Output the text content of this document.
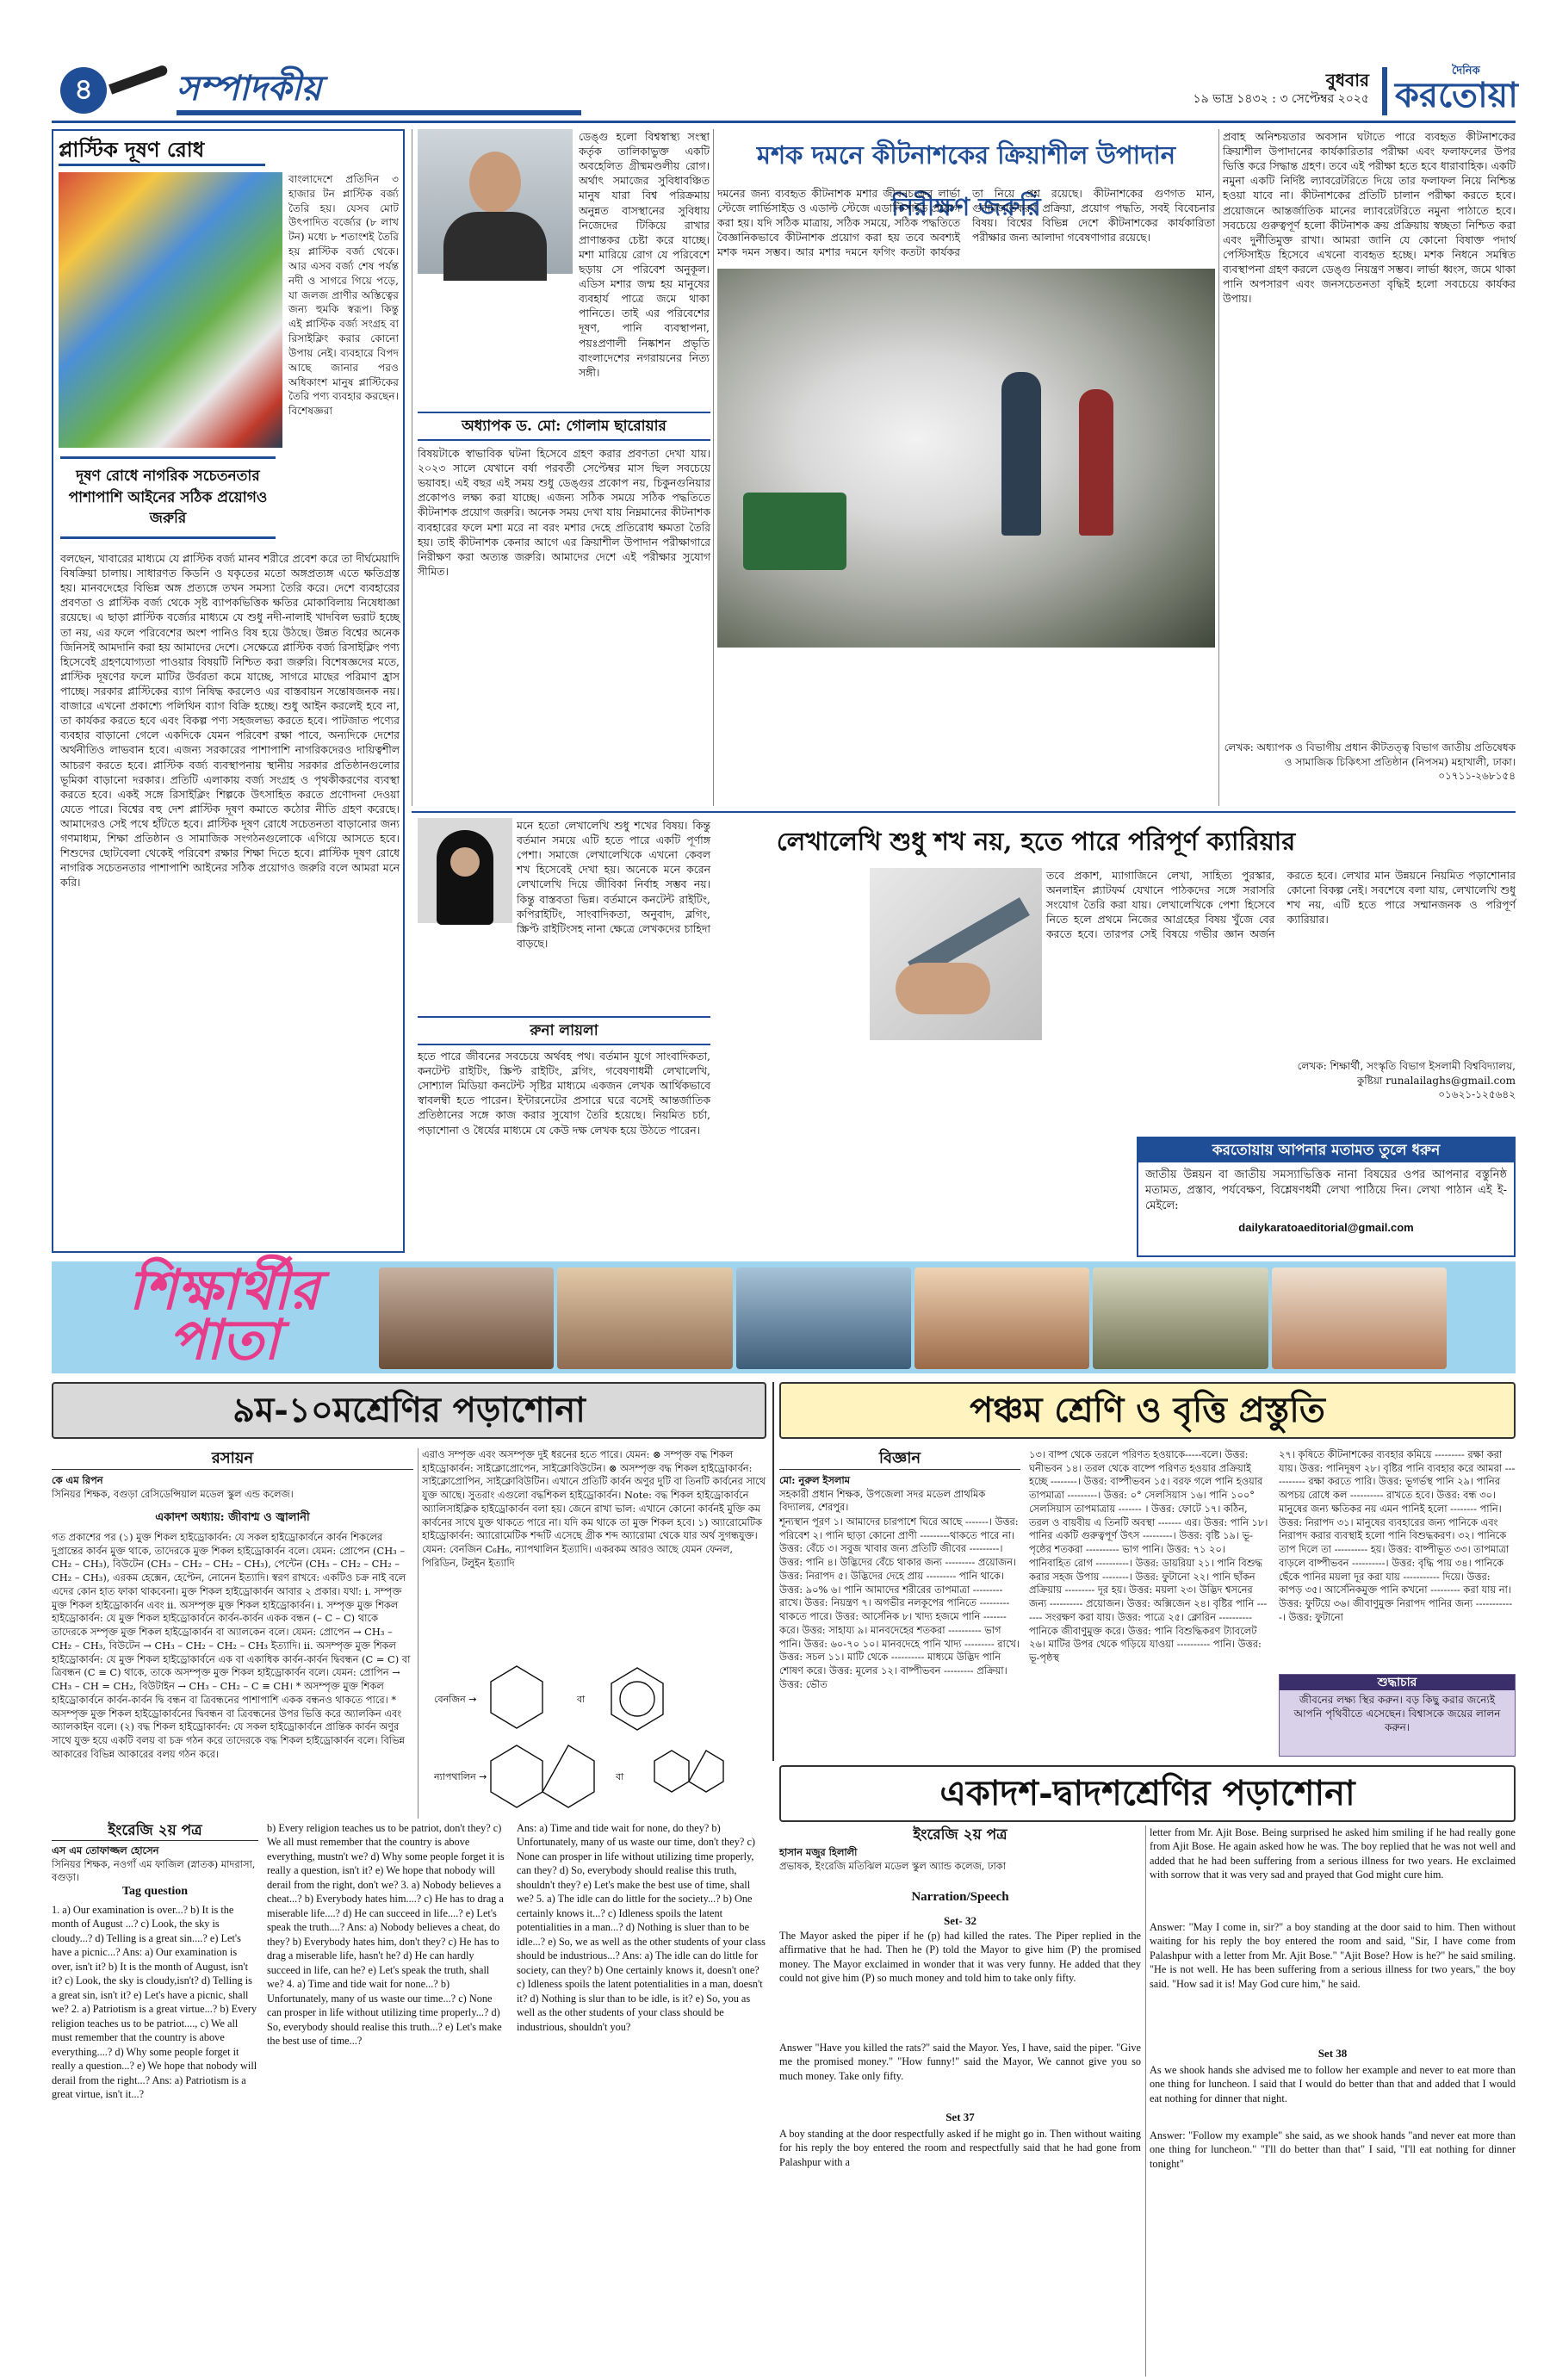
৪	সম্পাদকীয়	বুধবার
১৯ ভাদ্র ১৪৩২ : ৩ সেপ্টেম্বর ২০২৫
দৈনিক
করতোয়া
প্লাস্টিক দূষণ রোধ
বাংলাদেশে প্রতিদিন ৩ হাজার টন প্লাস্টিক বর্জ্য তৈরি হয়। যেসব মোট উৎপাদিত বর্জ্যের (৮ লাখ টন) মধ্যে ৮ শতাংশই তৈরি হয় প্লাস্টিক বর্জ্য থেকে। আর এসব বর্জ্য শেষ পর্যন্ত নদী ও সাগরে গিয়ে পড়ে, যা জলজ প্রাণীর অস্তিত্বের জন্য হুমকি স্বরূপ। কিন্তু এই প্লাস্টিক বর্জ্য সংগ্রহ বা রিসাইক্লিং করার কোনো উপায় নেই। ব্যবহারে বিপদ আছে জানার পরও অধিকাংশ মানুষ প্লাস্টিকের তৈরি পণ্য ব্যবহার করছেন। বিশেষজ্ঞরা
দূষণ রোধে নাগরিক সচেতনতার পাশাপাশি আইনের সঠিক প্রয়োগও জরুরি
বলছেন, খাবারের মাধ্যমে যে প্লাস্টিক বর্জ্য মানব শরীরে প্রবেশ করে তা দীর্ঘমেয়াদি বিষক্রিয়া চালায়। সাধারণত কিডনি ও যকৃতের মতো অঙ্গপ্রত্যঙ্গ এতে ক্ষতিগ্রস্ত হয়। মানবদেহের বিভিন্ন অঙ্গ প্রত্যঙ্গে তখন সমস্যা তৈরি করে। দেশে ব্যবহারের প্রবণতা ও প্লাস্টিক বর্জ্য থেকে সৃষ্ট ব্যাপকভিত্তিক ক্ষতির মোকাবিলায় নিষেধাজ্ঞা রয়েছে। এ ছাড়া প্লাস্টিক বর্জ্যের মাধ্যমে যে শুধু নদী-নালাই খাদবিল ভরাট হচ্ছে তা নয়, এর ফলে পরিবেশের অংশ পানিও বিষ হয়ে উঠছে। উন্নত বিশ্বের অনেক জিনিসই আমদানি করা হয় আমাদের দেশে। সেক্ষেত্রে প্লাস্টিক বর্জ্য রিসাইক্লিং পণ্য হিসেবেই গ্রহণযোগ্যতা পাওয়ার বিষয়টি নিশ্চিত করা জরুরি। বিশেষজ্ঞদের মতে, প্লাস্টিক দূষণের ফলে মাটির উর্বরতা কমে যাচ্ছে, সাগরে মাছের পরিমাণ হ্রাস পাচ্ছে। সরকার প্লাস্টিকের ব্যাগ নিষিদ্ধ করলেও এর বাস্তবায়ন সন্তোষজনক নয়। বাজারে এখনো প্রকাশ্যে পলিথিন ব্যাগ বিক্রি হচ্ছে। শুধু আইন করলেই হবে না, তা কার্যকর করতে হবে এবং বিকল্প পণ্য সহজলভ্য করতে হবে। পাটজাত পণ্যের ব্যবহার বাড়ানো গেলে একদিকে যেমন পরিবেশ রক্ষা পাবে, অন্যদিকে দেশের অর্থনীতিও লাভবান হবে। এজন্য সরকারের পাশাপাশি নাগরিকদেরও দায়িত্বশীল আচরণ করতে হবে। প্লাস্টিক বর্জ্য ব্যবস্থাপনায় স্থানীয় সরকার প্রতিষ্ঠানগুলোর ভূমিকা বাড়ানো দরকার। প্রতিটি এলাকায় বর্জ্য সংগ্রহ ও পৃথকীকরণের ব্যবস্থা করতে হবে। একই সঙ্গে রিসাইক্লিং শিল্পকে উৎসাহিত করতে প্রণোদনা দেওয়া যেতে পারে। বিশ্বের বহু দেশ প্লাস্টিক দূষণ কমাতে কঠোর নীতি গ্রহণ করেছে। আমাদেরও সেই পথে হাঁটতে হবে। প্লাস্টিক দূষণ রোধে সচেতনতা বাড়ানোর জন্য গণমাধ্যম, শিক্ষা প্রতিষ্ঠান ও সামাজিক সংগঠনগুলোকে এগিয়ে আসতে হবে। শিশুদের ছোটবেলা থেকেই পরিবেশ রক্ষার শিক্ষা দিতে হবে। প্লাস্টিক দূষণ রোধে নাগরিক সচেতনতার পাশাপাশি আইনের সঠিক প্রয়োগও জরুরি বলে আমরা মনে করি।
ডেঙ্গু হলো বিশ্বস্বাস্থ্য সংস্থা কর্তৃক তালিকাভুক্ত একটি অবহেলিত গ্রীষ্মমণ্ডলীয় রোগ। অর্থাৎ সমাজের সুবিধাবঞ্চিত মানুষ যারা বিশ্ব পরিক্রমায় অনুন্নত বাসস্থানের সুবিধায় নিজেদের টিকিয়ে রাখার প্রাণান্তকর চেষ্টা করে যাচ্ছে। মশা মারিয়ে রোগ যে পরিবেশে ছড়ায় সে পরিবেশ অনুকূল। এডিস মশার জন্ম হয় মানুষের ব্যবহার্য পাত্রে জমে থাকা পানিতে। তাই এর পরিবেশের দূষণ, পানি ব্যবস্থাপনা, পয়ঃপ্রণালী নিষ্কাশন প্রভৃতি বাংলাদেশের নগরায়নের নিত্য সঙ্গী।
অধ্যাপক ড. মো: গোলাম ছারোয়ার
বিষয়টাকে স্বাভাবিক ঘটনা হিসেবে গ্রহণ করার প্রবণতা দেখা যায়। ২০২৩ সালে যেখানে বর্ষা পরবর্তী সেপ্টেম্বর মাস ছিল সবচেয়ে ভয়াবহ। এই বছর এই সময় শুধু ডেঙ্গুর প্রকোপ নয়, চিকুনগুনিয়ার প্রকোপও লক্ষ্য করা যাচ্ছে। এজন্য সঠিক সময়ে সঠিক পদ্ধতিতে কীটনাশক প্রয়োগ জরুরি। অনেক সময় দেখা যায় নিম্নমানের কীটনাশক ব্যবহারের ফলে মশা মরে না বরং মশার দেহে প্রতিরোধ ক্ষমতা তৈরি হয়। তাই কীটনাশক কেনার আগে এর ক্রিয়াশীল উপাদান পরীক্ষাগারে নিরীক্ষণ করা অত্যন্ত জরুরি। আমাদের দেশে এই পরীক্ষার সুযোগ সীমিত।
মশক দমনে কীটনাশকের ক্রিয়াশীল উপাদান নিরীক্ষণ জরুরি
দমনের জন্য ব্যবহৃত কীটনাশক মশার জীবনচক্রের লার্ভা স্টেজে লার্ভিসাইড ও এডাল্ট স্টেজে এডাল্টিসাইড প্রয়োগ করা হয়। যদি সঠিক মাত্রায়, সঠিক সময়ে, সঠিক পদ্ধতিতে বৈজ্ঞানিকভাবে কীটনাশক প্রয়োগ করা হয় তবে অবশ্যই মশক দমন সম্ভব। আর মশার দমনে ফগিং কতটা কার্যকর তা নিয়ে প্রশ্ন রয়েছে। কীটনাশকের গুণগত মান, গুদামজাতকরণ প্রক্রিয়া, প্রয়োগ পদ্ধতি, সবই বিবেচনার বিষয়। বিশ্বের বিভিন্ন দেশে কীটনাশকের কার্যকারিতা পরীক্ষার জন্য আলাদা গবেষণাগার রয়েছে।
প্রবাহ অনিশ্চয়তার অবসান ঘটাতে পারে ব্যবহৃত কীটনাশকের ক্রিয়াশীল উপাদানের কার্যকারিতার পরীক্ষা এবং ফলাফলের উপর ভিত্তি করে সিদ্ধান্ত গ্রহণ। তবে এই পরীক্ষা হতে হবে ধারাবাহিক। একটি নমুনা একটি নির্দিষ্ট ল্যাবরেটরিতে দিয়ে তার ফলাফল নিয়ে নিশ্চিন্ত হওয়া যাবে না। কীটনাশকের প্রতিটি চালান পরীক্ষা করতে হবে। প্রয়োজনে আন্তর্জাতিক মানের ল্যাবরেটরিতে নমুনা পাঠাতে হবে। সবচেয়ে গুরুত্বপূর্ণ হলো কীটনাশক ক্রয় প্রক্রিয়ায় স্বচ্ছতা নিশ্চিত করা এবং দুর্নীতিমুক্ত রাখা। আমরা জানি যে কোনো বিষাক্ত পদার্থ পেস্টিসাইড হিসেবে এখনো ব্যবহৃত হচ্ছে। মশক নিধনে সমন্বিত ব্যবস্থাপনা গ্রহণ করলে ডেঙ্গু নিয়ন্ত্রণ সম্ভব। লার্ভা ধ্বংস, জমে থাকা পানি অপসারণ এবং জনসচেতনতা বৃদ্ধিই হলো সবচেয়ে কার্যকর উপায়।
লেখক: অধ্যাপক ও বিভাগীয় প্রধান কীটতত্ত্ব বিভাগ জাতীয় প্রতিষেধক ও সামাজিক চিকিৎসা প্রতিষ্ঠান (নিপসম) মহাখালী, ঢাকা। ০১৭১১-২৬৮১৫৪
মনে হতো লেখালেখি শুধু শখের বিষয়। কিন্তু বর্তমান সময়ে এটি হতে পারে একটি পূর্ণাঙ্গ পেশা। সমাজে লেখালেখিকে এখনো কেবল শখ হিসেবেই দেখা হয়। অনেকে মনে করেন লেখালেখি দিয়ে জীবিকা নির্বাহ সম্ভব নয়। কিন্তু বাস্তবতা ভিন্ন। বর্তমানে কনটেন্ট রাইটিং, কপিরাইটিং, সাংবাদিকতা, অনুবাদ, ব্লগিং, স্ক্রিপ্ট রাইটিংসহ নানা ক্ষেত্রে লেখকদের চাহিদা বাড়ছে।
রুনা লায়লা
হতে পারে জীবনের সবচেয়ে অর্থবহ পথ। বর্তমান যুগে সাংবাদিকতা, কনটেন্ট রাইটিং, স্ক্রিপ্ট রাইটিং, ব্লগিং, গবেষণাধর্মী লেখালেখি, সোশ্যাল মিডিয়া কনটেন্ট সৃষ্টির মাধ্যমে একজন লেখক আর্থিকভাবে স্বাবলম্বী হতে পারেন। ইন্টারনেটের প্রসারে ঘরে বসেই আন্তর্জাতিক প্রতিষ্ঠানের সঙ্গে কাজ করার সুযোগ তৈরি হয়েছে। নিয়মিত চর্চা, পড়াশোনা ও ধৈর্যের মাধ্যমে যে কেউ দক্ষ লেখক হয়ে উঠতে পারেন।
লেখালেখি শুধু শখ নয়, হতে পারে পরিপূর্ণ ক্যারিয়ার
তবে প্রকাশ, ম্যাগাজিনে লেখা, সাহিত্য পুরস্কার, অনলাইন প্ল্যাটফর্ম যেখানে পাঠকদের সঙ্গে সরাসরি সংযোগ তৈরি করা যায়। লেখালেখিকে পেশা হিসেবে নিতে হলে প্রথমে নিজের আগ্রহের বিষয় খুঁজে বের করতে হবে। তারপর সেই বিষয়ে গভীর জ্ঞান অর্জন করতে হবে। লেখার মান উন্নয়নে নিয়মিত পড়াশোনার কোনো বিকল্প নেই। সবশেষে বলা যায়, লেখালেখি শুধু শখ নয়, এটি হতে পারে সম্মানজনক ও পরিপূর্ণ ক্যারিয়ার।
লেখক: শিক্ষার্থী, সংস্কৃতি বিভাগ ইসলামী বিশ্ববিদ্যালয়, কুষ্টিয়া runalailaghs@gmail.com ০১৬২১-১২৫৬৪২
করতোয়ায় আপনার মতামত তুলে ধরুন
জাতীয় উন্নয়ন বা জাতীয় সমস্যাভিত্তিক নানা বিষয়ের ওপর আপনার বস্তুনিষ্ঠ মতামত, প্রস্তাব, পর্যবেক্ষণ, বিশ্লেষণধর্মী লেখা পাঠিয়ে দিন। লেখা পাঠান এই ই-মেইলে:
dailykaratoaeditorial@gmail.com
শিক্ষার্থীর
পাতা
৯ম-১০মশ্রেণির পড়াশোনা	পঞ্চম শ্রেণি ও বৃত্তি প্রস্তুতি
রসায়ন
কে এম রিপন
সিনিয়র শিক্ষক, বগুড়া রেসিডেন্সিয়াল মডেল স্কুল এন্ড কলেজ।
একাদশ অধ্যায়: জীবাশ্ম ও জ্বালানী
গত প্রকাশের পর (১) মুক্ত শিকল হাইড্রোকার্বন: যে সকল হাইড্রোকার্বনে কার্বন শিকলের দুপ্রান্তের কার্বন মুক্ত থাকে, তাদেরকে মুক্ত শিকল হাইড্রোকার্বন বলে। যেমন: প্রোপেন (CH₃ – CH₂ – CH₃), বিউটেন (CH₃ – CH₂ – CH₂ – CH₃), পেন্টেন (CH₃ – CH₂ – CH₂ – CH₂ – CH₃), এরকম হেক্সেন, হেপ্টেন, নোনেন ইত্যাদি। স্বরণ রাখবে: একটিও চক্র নাই বলে এদের কোন হাত ফাকা থাকবেনা। মুক্ত শিকল হাইড্রোকার্বন আবার ২ প্রকার। যথা: i. সম্পৃক্ত মুক্ত শিকল হাইড্রোকার্বন এবং ii. অসম্পৃক্ত মুক্ত শিকল হাইড্রোকার্বন। i. সম্পৃক্ত মুক্ত শিকল হাইড্রোকার্বন: যে মুক্ত শিকল হাইড্রোকার্বনে কার্বন-কার্বন একক বন্ধন (– C – C) থাকে তাদেরকে সম্পৃক্ত মুক্ত শিকল হাইড্রোকার্বন বা অ্যালকেন বলে। যেমন: প্রোপেন → CH₃ – CH₂ – CH₃, বিউটেন → CH₃ – CH₂ – CH₂ – CH₃ ইত্যাদি। ii. অসম্পৃক্ত মুক্ত শিকল হাইড্রোকার্বন: যে মুক্ত শিকল হাইড্রোকার্বনে এক বা একাধিক কার্বন-কার্বন দ্বিবন্ধন (C = C) বা ত্রিবন্ধন (C ≡ C) থাকে, তাকে অসম্পৃক্ত মুক্ত শিকল হাইড্রোকার্বন বলে। যেমন: প্রোপিন → CH₃ – CH = CH₂, বিউটাইন → CH₃ – CH₂ – C ≡ CH। * অসম্পৃক্ত মুক্ত শিকল হাইড্রোকার্বনে কার্বন-কার্বন দ্বি বন্ধন বা ত্রিবন্ধনের পাশাপাশি একক বন্ধনও থাকতে পারে। * অসম্পৃক্ত মুক্ত শিকল হাইড্রোকার্বনের দ্বিবন্ধন বা ত্রিবন্ধনের উপর ভিত্তি করে অ্যালকিন এবং অ্যালকাইন বলে। (২) বদ্ধ শিকল হাইড্রোকার্বন: যে সকল হাইড্রোকার্বনে প্রান্তিক কার্বন অণুর সাথে যুক্ত হয়ে একটি বলয় বা চক্র গঠন করে তাদেরকে বদ্ধ শিকল হাইড্রোকার্বন বলে। বিভিন্ন আকারের বিভিন্ন আকারের বলয় গঠন করে।
এরাও সম্পৃক্ত এবং অসম্পৃক্ত দুই ধরনের হতে পারে। যেমন: ⊗ সম্পৃক্ত বদ্ধ শিকল হাইড্রোকার্বন: সাইক্লোপ্রোপেন, সাইক্লোবিউটেন। ⊗ অসম্পৃক্ত বদ্ধ শিকল হাইড্রোকার্বন: সাইক্লোপ্রোপিন, সাইক্লোবিউটিন। এখানে প্রতিটি কার্বন অণুর দুটি বা তিনটি কার্বনের সাথে যুক্ত আছে। সুতরাং এগুলো বদ্ধশিকল হাইড্রোকার্বন। Note: বদ্ধ শিকল হাইড্রোকার্বনে অ্যালিসাইক্লিক হাইড্রোকার্বন বলা হয়। জেনে রাখা ভাল: এখানে কোনো কার্বনই মুক্তি কম কার্বনের সাথে যুক্ত থাকতে পারে না। যদি কম থাকে তা মুক্ত শিকল হবে। ১) অ্যারোমেটিক হাইড্রোকার্বন: অ্যারোমেটিক শব্দটি এসেছে গ্রীক শব্দ অ্যারোমা থেকে যার অর্থ সুগন্ধযুক্ত। যেমন: বেনজিন C₆H₆, ন্যাপথালিন ইত্যাদি। একরকম আরও আছে যেমন ফেনল, পিরিডিন, টলুইন ইত্যাদি
বেনজিন →
ন্যাপথালিন →
বা
বা
ইংরেজি ২য় পত্র
এস এম তোফাজ্জল হোসেন
সিনিয়র শিক্ষক, নওগাঁ এম ফাজিল (স্নাতক) মাদরাসা, বগুড়া।
Tag question
1. a) Our examination is over...? b) It is the month of August ...? c) Look, the sky is cloudy...? d) Telling is a great sin....? e) Let's have a picnic...? Ans: a) Our examination is over, isn't it? b) It is the month of August, isn't it? c) Look, the sky is cloudy,isn't? d) Telling is a great sin, isn't it? e) Let's have a picnic, shall we? 2. a) Patriotism is a great virtue...? b) Every religion teaches us to be patriot...., c) We all must remember that the country is above everything....? d) Why some people forget it really a question...? e) We hope that nobody will derail from the right...? Ans: a) Patriotism is a great virtue, isn't it...?
b) Every religion teaches us to be patriot, don't they? c) We all must remember that the country is above everything, mustn't we? d) Why some people forget it is really a question, isn't it? e) We hope that nobody will derail from the right, don't we? 3. a) Nobody believes a cheat...? b) Everybody hates him....? c) He has to drag a miserable life....? d) He can succeed in life....? e) Let's speak the truth....? Ans: a) Nobody believes a cheat, do they? b) Everybody hates him, don't they? c) He has to drag a miserable life, hasn't he? d) He can hardly succeed in life, can he? e) Let's speak the truth, shall we? 4. a) Time and tide wait for none...? b) Unfortunately, many of us waste our time...? c) None can prosper in life without utilizing time properly...? d) So, everybody should realise this truth...? e) Let's make the best use of time...?
Ans: a) Time and tide wait for none, do they? b) Unfortunately, many of us waste our time, don't they? c) None can prosper in life without utilizing time properly, can they? d) So, everybody should realise this truth, shouldn't they? e) Let's make the best use of time, shall we? 5. a) The idle can do little for the society...? b) One certainly knows it...? c) Idleness spoils the latent potentialities in a man...? d) Nothing is sluer than to be idle...? e) So, we as well as the other students of your class should be industrious...? Ans: a) The idle can do little for society, can they? b) One certainly knows it, doesn't one? c) Idleness spoils the latent potentialities in a man, doesn't it? d) Nothing is slur than to be idle, is it? e) So, you as well as the other students of your class should be industrious, shouldn't you?
বিজ্ঞান
মো: নুরুল ইসলাম
সহকারী প্রধান শিক্ষক, উপজেলা সদর মডেল প্রাথমিক বিদ্যালয়, শেরপুর।
শূন্যস্থান পূরণ ১। আমাদের চারপাশে ঘিরে আছে -------। উত্তর: পরিবেশ ২। পানি ছাড়া কোনো প্রাণী ---------থাকতে পারে না। উত্তর: বেঁচে ৩। সবুজ খাবার জন্য প্রতিটি জীবের ---------। উত্তর: পানি ৪। উদ্ভিদের বেঁচে থাকার জন্য --------- প্রয়োজন। উত্তর: নিরাপদ ৫। উদ্ভিদের দেহে প্রায় --------- পানি থাকে। উত্তর: ৯০% ৬। পানি আমাদের শরীরের তাপমাত্রা --------- রাখে। উত্তর: নিয়ন্ত্রণ ৭। অগভীর নলকূপের পানিতে --------- থাকতে পারে। উত্তর: আর্সেনিক ৮। খাদ্য হজমে পানি ------- করে। উত্তর: সাহায্য ৯। মানবদেহের শতকরা ---------- ভাগ পানি। উত্তর: ৬০-৭০ ১০। মানবদেহে পানি খাদ্য --------- রাখে। উত্তর: সচল ১১। মাটি থেকে ---------- মাধ্যমে উদ্ভিদ পানি শোষণ করে। উত্তর: মূলের ১২। বাষ্পীভবন --------- প্রক্রিয়া। উত্তর: ভৌত
১৩। বাষ্প থেকে তরলে পরিণত হওয়াকে-----বলে। উত্তর: ঘনীভবন ১৪। তরল থেকে বাষ্পে পরিণত হওয়ার প্রক্রিয়াই হচ্ছে --------। উত্তর: বাষ্পীভবন ১৫। বরফ গলে পানি হওয়ার তাপমাত্রা ---------। উত্তর: ০° সেলসিয়াস ১৬। পানি ১০০° সেলসিয়াস তাপমাত্রায় ------- । উত্তর: ফোটে ১৭। কঠিন, তরল ও বায়বীয় এ তিনটি অবস্থা ------- এর। উত্তর: পানি ১৮। পানির একটি গুরুত্বপূর্ণ উৎস ---------। উত্তর: বৃষ্টি ১৯। ভূ-পৃষ্ঠের শতকরা ---------- ভাগ পানি। উত্তর: ৭১ ২০। পানিবাহিত রোগ ----------। উত্তর: ডায়রিয়া ২১। পানি বিশুদ্ধ করার সহজ উপায় --------। উত্তর: ফুটানো ২২। পানি ছাঁকন প্রক্রিয়ায় --------- দূর হয়। উত্তর: ময়লা ২৩। উদ্ভিদ শ্বসনের জন্য ---------- প্রয়োজন। উত্তর: অক্সিজেন ২৪। বৃষ্টির পানি ------- সংরক্ষণ করা যায়। উত্তর: পাত্রে ২৫। ক্লোরিন ---------- পানিকে জীবাণুমুক্ত করে। উত্তর: পানি বিশুদ্ধিকরণ ট্যাবলেট ২৬। মাটির উপর থেকে গড়িয়ে যাওয়া ---------- পানি। উত্তর: ভূ-পৃষ্ঠস্থ
২৭। কৃষিতে কীটনাশকের ব্যবহার কমিয়ে --------- রক্ষা করা যায়। উত্তর: পানিদূষণ ২৮। বৃষ্টির পানি ব্যবহার করে আমরা ----------- রক্ষা করতে পারি। উত্তর: ভূগর্ভস্থ পানি ২৯। পানির অপচয় রোধে কল ---------- রাখতে হবে। উত্তর: বন্ধ ৩০। মানুষের জন্য ক্ষতিকর নয় এমন পানিই হলো -------- পানি। উত্তর: নিরাপদ ৩১। মানুষের ব্যবহারের জন্য পানিকে এবং নিরাপদ করার ব্যবস্থাই হলো পানি বিশুদ্ধকরণ। ৩২। পানিকে তাপ দিলে তা ---------- হয়। উত্তর: বাষ্পীভূত ৩৩। তাপমাত্রা বাড়লে বাষ্পীভবন ----------। উত্তর: বৃদ্ধি পায় ৩৪। পানিকে ছেঁকে পানির ময়লা দূর করা যায় ----------- দিয়ে। উত্তর: কাপড় ৩৫। আর্সেনিকমুক্ত পানি কখনো --------- করা যায় না। উত্তর: ফুটিয়ে ৩৬। জীবাণুমুক্ত নিরাপদ পানির জন্য ------------। উত্তর: ফুটানো
শুদ্ধাচার
জীবনের লক্ষ্য স্থির করুন। বড় কিছু করার জন্যেই আপনি পৃথিবীতে এসেছেন। বিশ্বাসকে জয়ের লালন করুন।
একাদশ-দ্বাদশশ্রেণির পড়াশোনা
ইংরেজি ২য় পত্র
হাসান মজুর হিলালী
প্রভাষক, ইংরেজি মতিঝিল মডেল স্কুল অ্যান্ড কলেজ, ঢাকা
Narration/Speech
Set- 32
The Mayor asked the piper if he (p) had killed the rates. The Piper replied in the affirmative that he had. Then he (P) told the Mayor to give him (P) the promised money. The Mayor exclaimed in wonder that it was very funny. He added that they could not give him (P) so much money and told him to take only fifty.
Answer "Have you killed the rats?" said the Mayor. Yes, I have, said the piper. "Give me the promised money." "How funny!" said the Mayor, We cannot give you so much money. Take only fifty.
Set 37
A boy standing at the door respectfully asked if he might go in. Then without waiting for his reply the boy entered the room and respectfully said that he had gone from Palashpur with a
letter from Mr. Ajit Bose. Being surprised he asked him smiling if he had really gone from Ajit Bose. He again asked how he was. The boy replied that he was not well and added that he had been suffering from a serious illness for two years. He exclaimed with sorrow that it was very sad and prayed that God might cure him.
Answer: "May I come in, sir?" a boy standing at the door said to him. Then without waiting for his reply the boy entered the room and said, "Sir, I have come from Palashpur with a letter from Mr. Ajit Bose." "Ajit Bose? How is he?" he said smiling. "He is not well. He has been suffering from a serious illness for two years," the boy said. "How sad it is! May God cure him," he said.
Set 38
As we shook hands she advised me to follow her example and never to eat more than one thing for luncheon. I said that I would do better than that and added that I would eat nothing for dinner that night.
Answer: "Follow my example" she said, as we shook hands "and never eat more than one thing for luncheon." "I'll do better than that" I said, "I'll eat nothing for dinner tonight"
